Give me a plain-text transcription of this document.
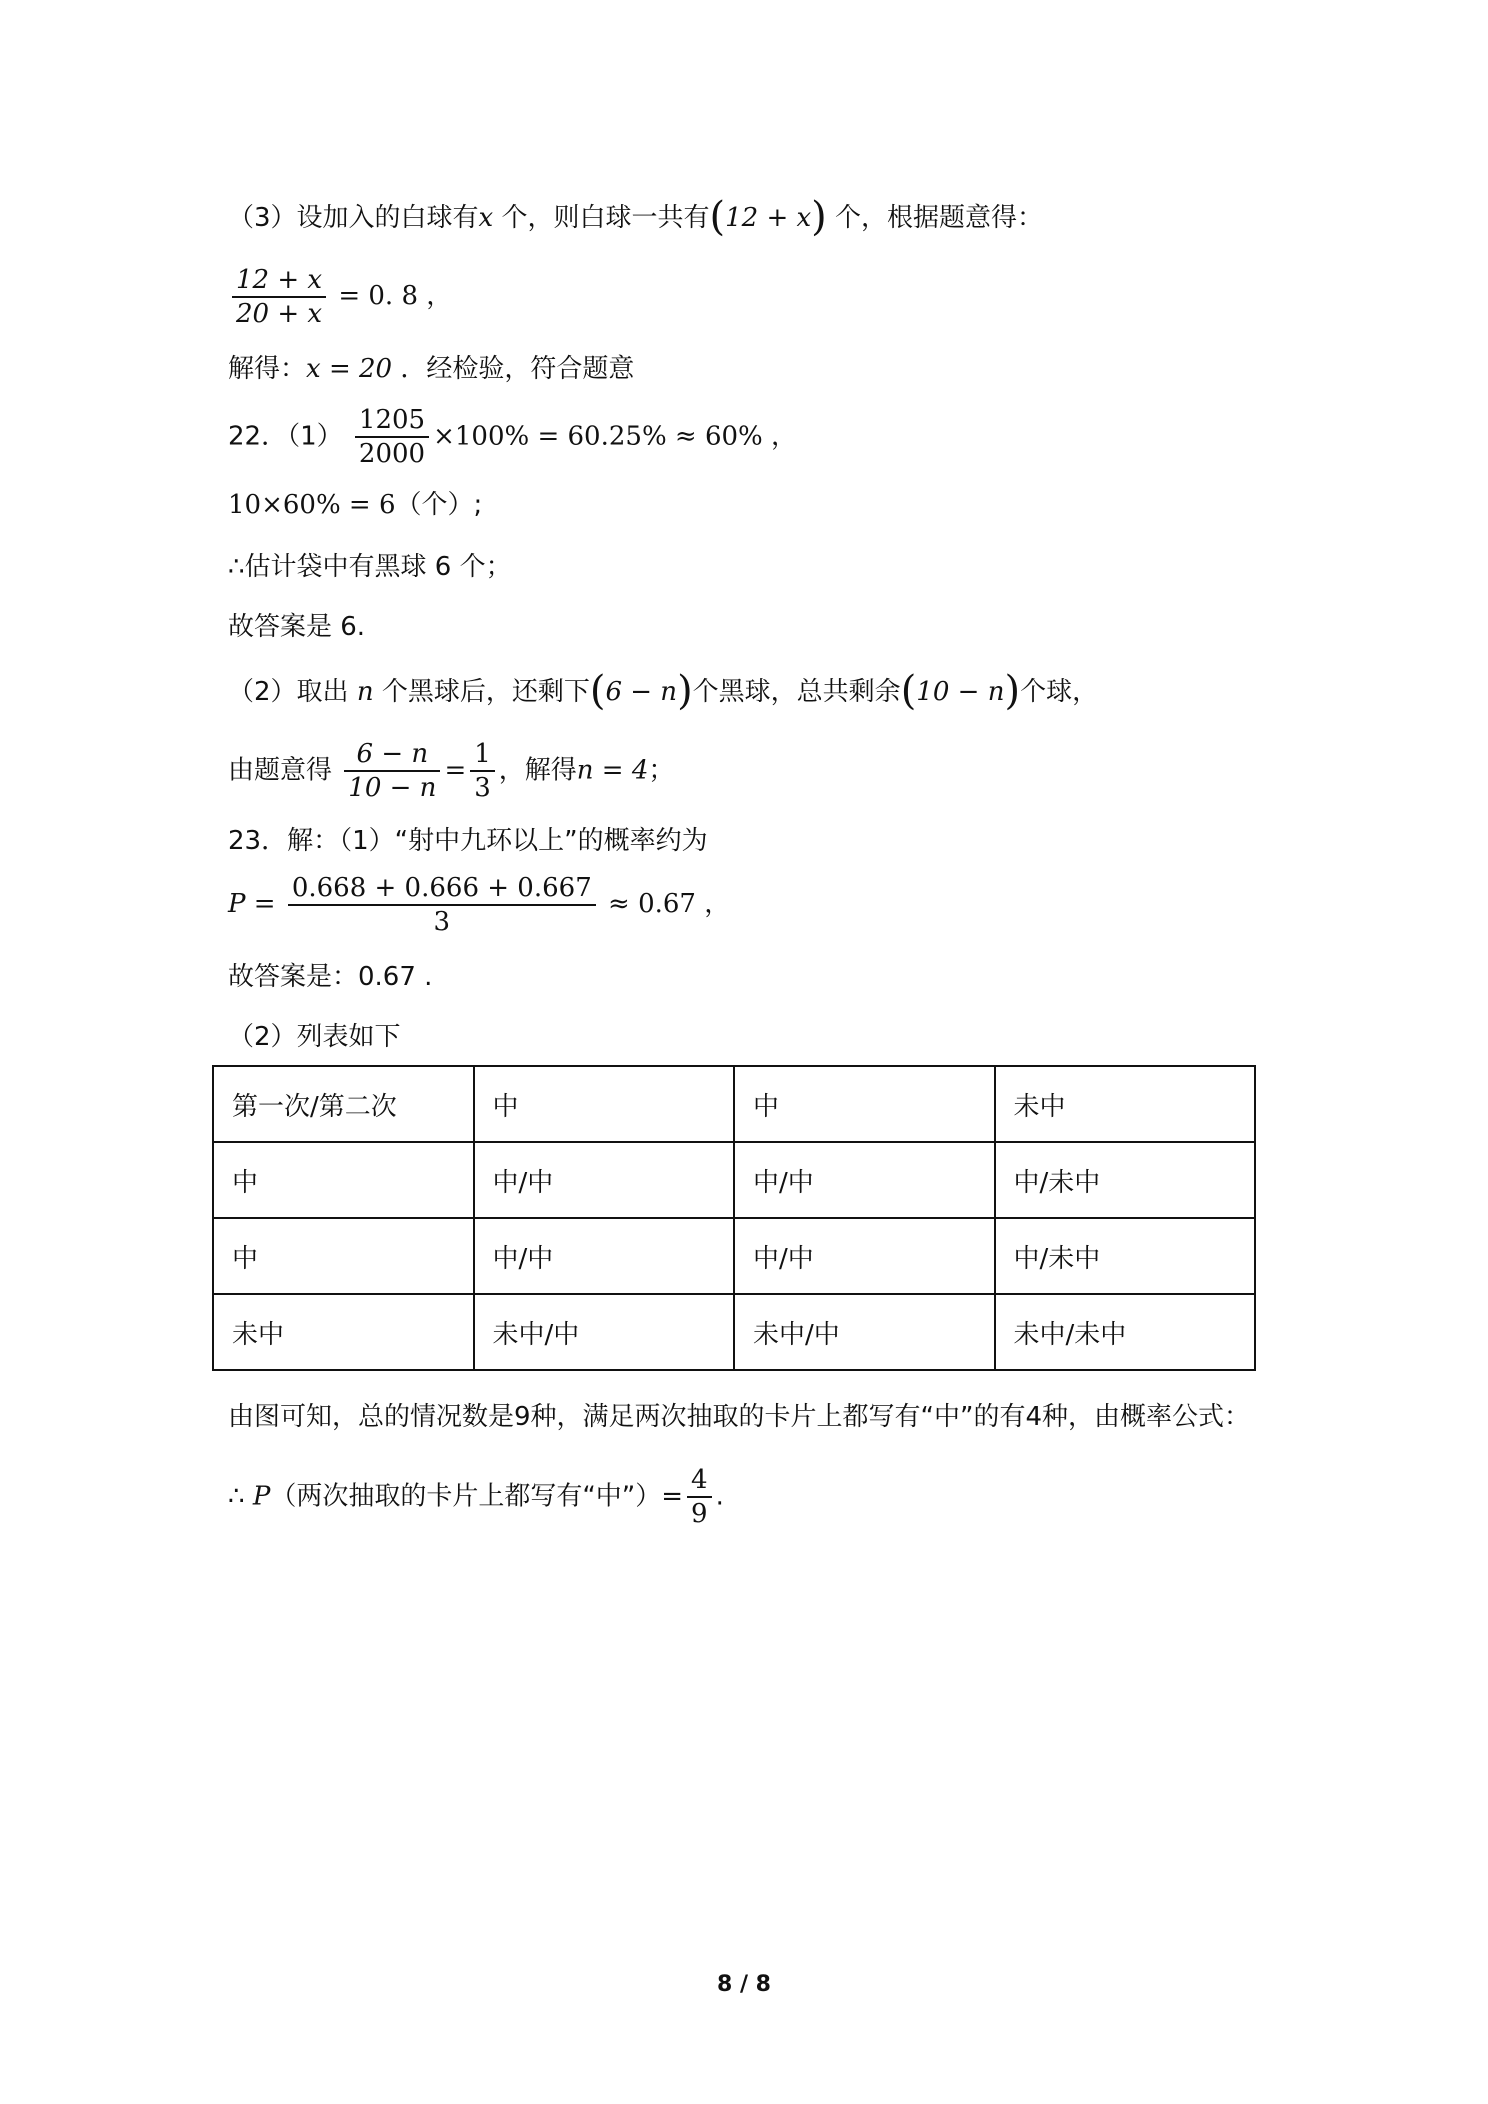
（3）设加入的白球有x 个，则白球一共有(12 + x) 个，根据题意得：
$\frac{12 + x}{20 + x} = 0$. 8 ，
解得：x = 20 ．经检验，符合题意
22．$(1) \frac{1205}{2000} \times 100\% = 60.25\% \approx 60\%$ ，
10×60% = 6（个）;
∴估计袋中有黑球 6 个；
故答案是 6.
（2）取出 n 个黑球后，还剩下(6 − n)个黑球，总共剩余(10 − n)个球，
由题意得 $\frac{6 - n}{10 - n} = \frac{1}{3}$ ，解得n = 4；
23．解：（1）“射中九环以上”的概率约为
$P = \frac{0.668 + 0.666 + 0.667}{3} \approx 0.67$ ，
故答案是：0.67 .
（2）列表如下
第一次/第二次	中	中	未中
中	中/中	中/中	中/未中
中	中/中	中/中	中/未中
未中	未中/中	未中/中	未中/未中
由图可知，总的情况数是9种，满足两次抽取的卡片上都写有“中”的有4种，由概率公式：
∴ P（两次抽取的卡片上都写有“中”）= $\frac{4}{9}$ .
8 / 8
